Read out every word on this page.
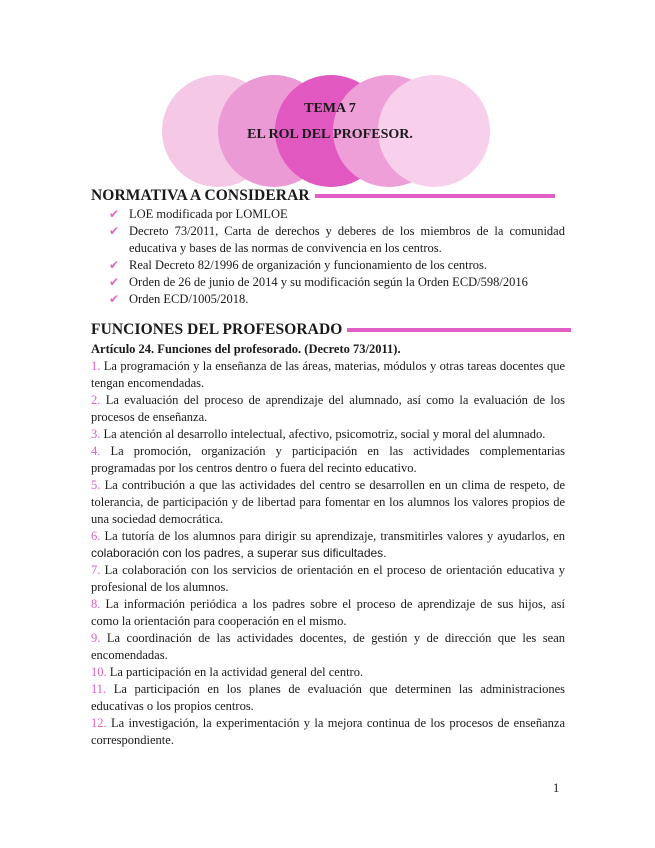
TEMA 7
EL ROL DEL PROFESOR.
NORMATIVA A CONSIDERAR
✔ LOE modificada por LOMLOE
✔ Decreto 73/2011, Carta de derechos y deberes de los miembros de la comunidad educativa y bases de las normas de convivencia en los centros.
✔ Real Decreto 82/1996 de organización y funcionamiento de los centros.
✔ Orden de 26 de junio de 2014 y su modificación según la Orden ECD/598/2016
✔ Orden ECD/1005/2018.
FUNCIONES DEL PROFESORADO
Artículo 24. Funciones del profesorado. (Decreto 73/2011).
1. La programación y la enseñanza de las áreas, materias, módulos y otras tareas docentes que tengan encomendadas.
2. La evaluación del proceso de aprendizaje del alumnado, así como la evaluación de los procesos de enseñanza.
3. La atención al desarrollo intelectual, afectivo, psicomotriz, social y moral del alumnado.
4. La promoción, organización y participación en las actividades complementarias programadas por los centros dentro o fuera del recinto educativo.
5. La contribución a que las actividades del centro se desarrollen en un clima de respeto, de tolerancia, de participación y de libertad para fomentar en los alumnos los valores propios de una sociedad democrática.
6. La tutoría de los alumnos para dirigir su aprendizaje, transmitirles valores y ayudarlos, en colaboración con los padres, a superar sus dificultades.
7. La colaboración con los servicios de orientación en el proceso de orientación educativa y profesional de los alumnos.
8. La información periódica a los padres sobre el proceso de aprendizaje de sus hijos, así como la orientación para cooperación en el mismo.
9. La coordinación de las actividades docentes, de gestión y de dirección que les sean encomendadas.
10. La participación en la actividad general del centro.
11. La participación en los planes de evaluación que determinen las administraciones educativas o los propios centros.
12. La investigación, la experimentación y la mejora continua de los procesos de enseñanza correspondiente.
1
